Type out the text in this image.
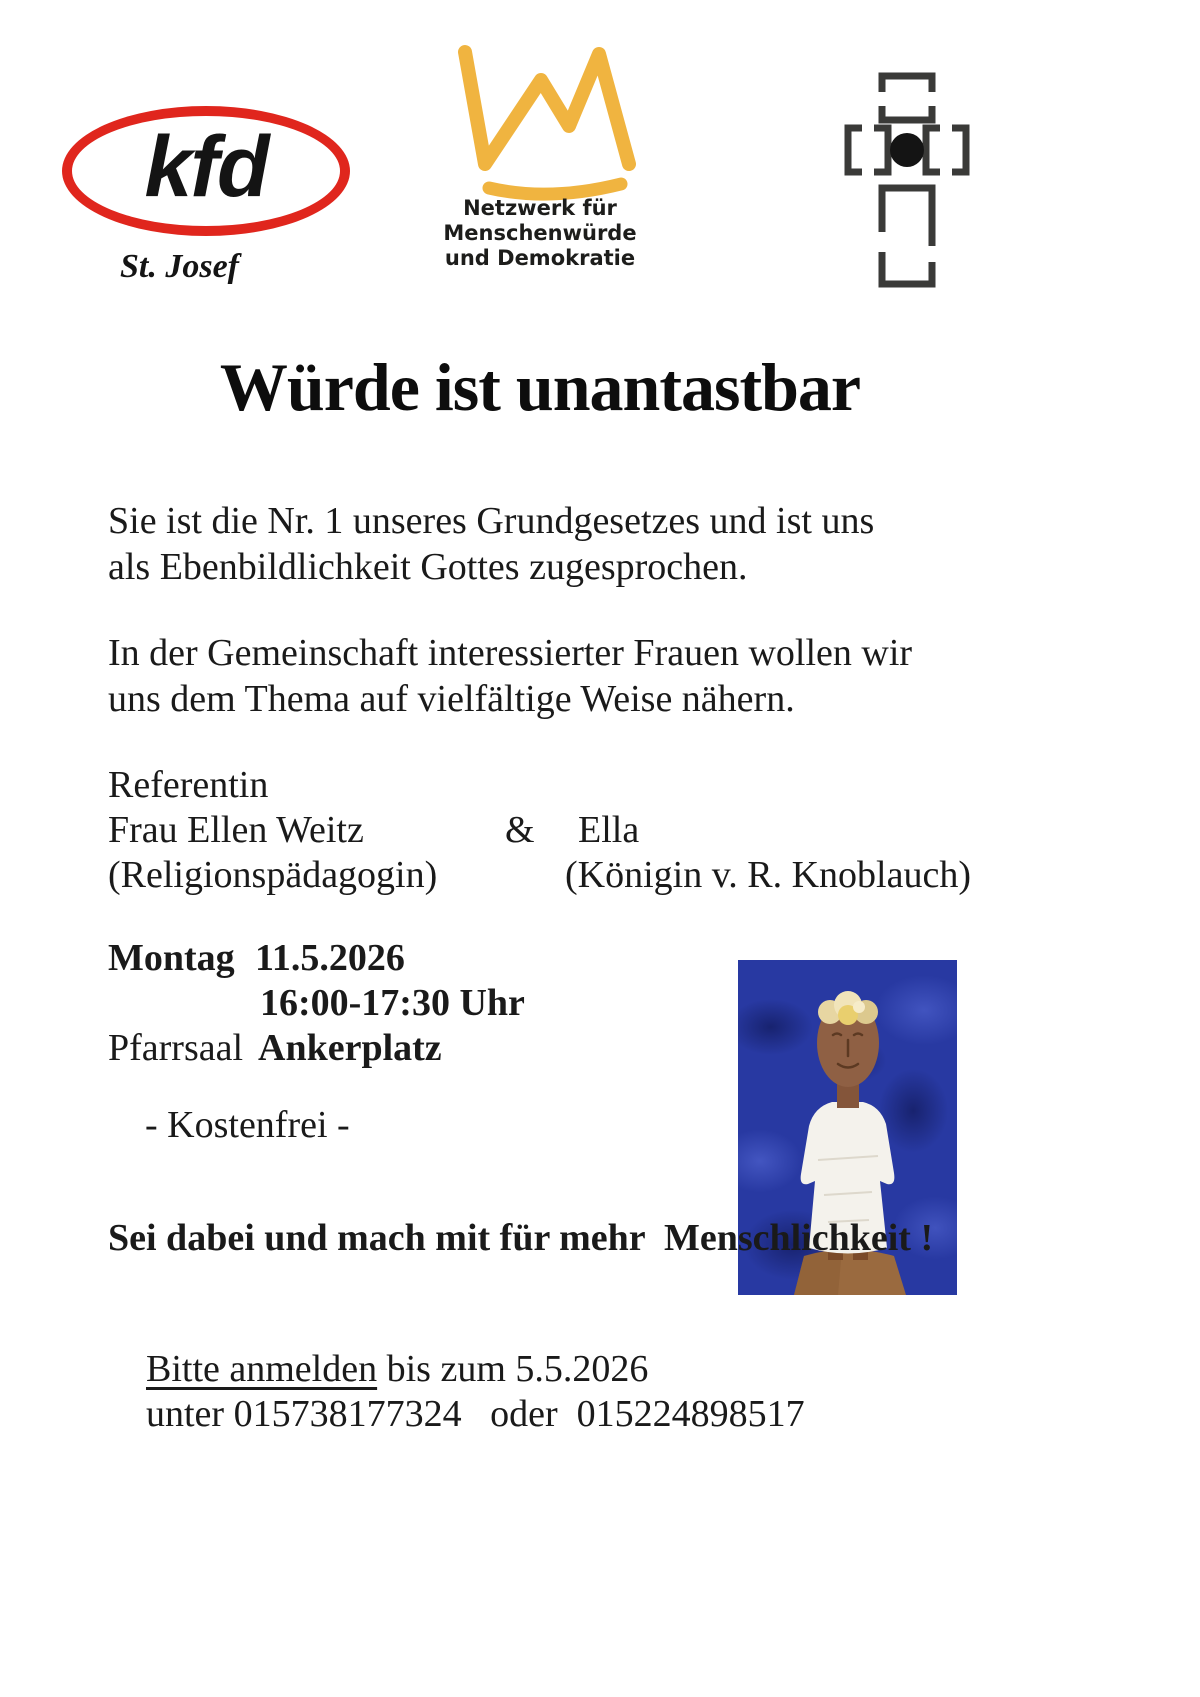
kfd
St. Josef
Netzwerk für
Menschenwürde
und Demokratie
Würde ist unantastbar
Sie ist die Nr. 1 unseres Grundgesetzes und ist uns
als Ebenbildlichkeit Gottes zugesprochen.
In der Gemeinschaft interessierter Frauen wollen wir
uns dem Thema auf vielfältige Weise nähern.
Referentin
Frau Ellen Weitz	& Ella
(Religionspädagogin)	(Königin v. R. Knoblauch)
Montag 11.5.2026
16:00-17:30 Uhr
Pfarrsaal Ankerplatz
- Kostenfrei -
Sei dabei und mach mit für mehr  Menschlichkeit !

Bitte anmelden bis zum 5.5.2026

unter 015738177324   oder  015224898517
